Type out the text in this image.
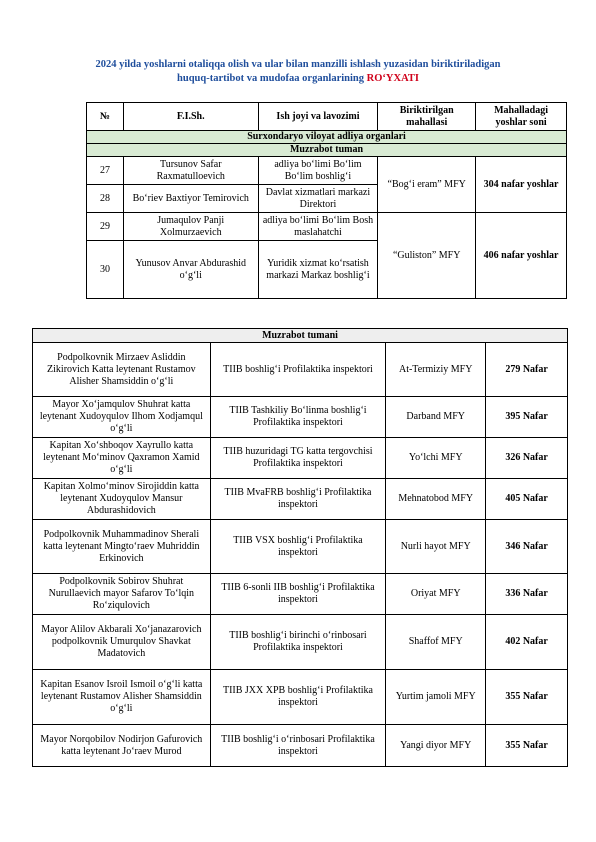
2024 yilda yoshlarni otaliqqa olish va ular bilan manzilli ishlash yuzasidan biriktiriladigan
huquq-tartibot va mudofaa organlarining RO‘YXATI
№	F.I.Sh.	Ish joyi va lavozimi	Biriktirilgan mahallasi	Mahalladagi yoshlar soni
Surxondaryo viloyat adliya organlari				
Muzrabot tuman				
27	Tursunov Safar Raxmatulloevich	adliya bo‘limi Bo‘lim Bo‘lim boshlig‘i	“Bog‘i eram” MFY	304 nafar yoshlar
28	Bo‘riev Baxtiyor Temirovich	Davlat xizmatlari markazi Direktori		
29	Jumaqulov Panji Xolmurzaevich	adliya bo‘limi Bo‘lim Bosh maslahatchi	“Guliston” MFY	406 nafar yoshlar
30	Yunusov Anvar Abdurashid o‘g‘li	Yuridik xizmat ko‘rsatish markazi Markaz boshlig‘i		
Muzrabot tumani			
Podpolkovnik Mirzaev Asliddin Zikirovich Katta leytenant Rustamov Alisher Shamsiddin o‘g‘li	TIIB boshlig‘i Profilaktika inspektori	At-Termiziy MFY	279 Nafar
Mayor Xo‘jamqulov Shuhrat katta leytenant Xudoyqulov Ilhom Xodjamqul o‘g‘li	TIIB Tashkiliy Bo‘linma boshlig‘i Profilaktika inspektori	Darband MFY	395 Nafar
Kapitan Xo‘shboqov Xayrullo katta leytenant Mo‘minov Qaxramon Xamid o‘g‘li	TIIB huzuridagi TG katta tergovchisi Profilaktika inspektori	Yo‘lchi MFY	326 Nafar
Kapitan Xolmo‘minov Sirojiddin katta leytenant Xudoyqulov Mansur Abdurashidovich	TIIB MvaFRB boshlig‘i Profilaktika inspektori	Mehnatobod MFY	405 Nafar
Podpolkovnik Muhammadinov Sherali katta leytenant Mingto‘raev Muhriddin Erkinovich	TIIB VSX boshlig‘i Profilaktika inspektori	Nurli hayot MFY	346 Nafar
Podpolkovnik Sobirov Shuhrat Nurullaevich mayor Safarov To‘lqin Ro‘ziqulovich	TIIB 6-sonli IIB boshlig‘i Profilaktika inspektori	Oriyat MFY	336 Nafar
Mayor Alilov Akbarali Xo‘janazarovich podpolkovnik Umurqulov Shavkat Madatovich	TIIB boshlig‘i birinchi o‘rinbosari Profilaktika inspektori	Shaffof MFY	402 Nafar
Kapitan Esanov Isroil Ismoil o‘g‘li katta leytenant Rustamov Alisher Shamsiddin o‘g‘li	TIIB JXX XPB boshlig‘i Profilaktika inspektori	Yurtim jamoli MFY	355 Nafar
Mayor Norqobilov Nodirjon Gafurovich katta leytenant Jo‘raev Murod	TIIB boshlig‘i o‘rinbosari Profilaktika inspektori	Yangi diyor MFY	355 Nafar
